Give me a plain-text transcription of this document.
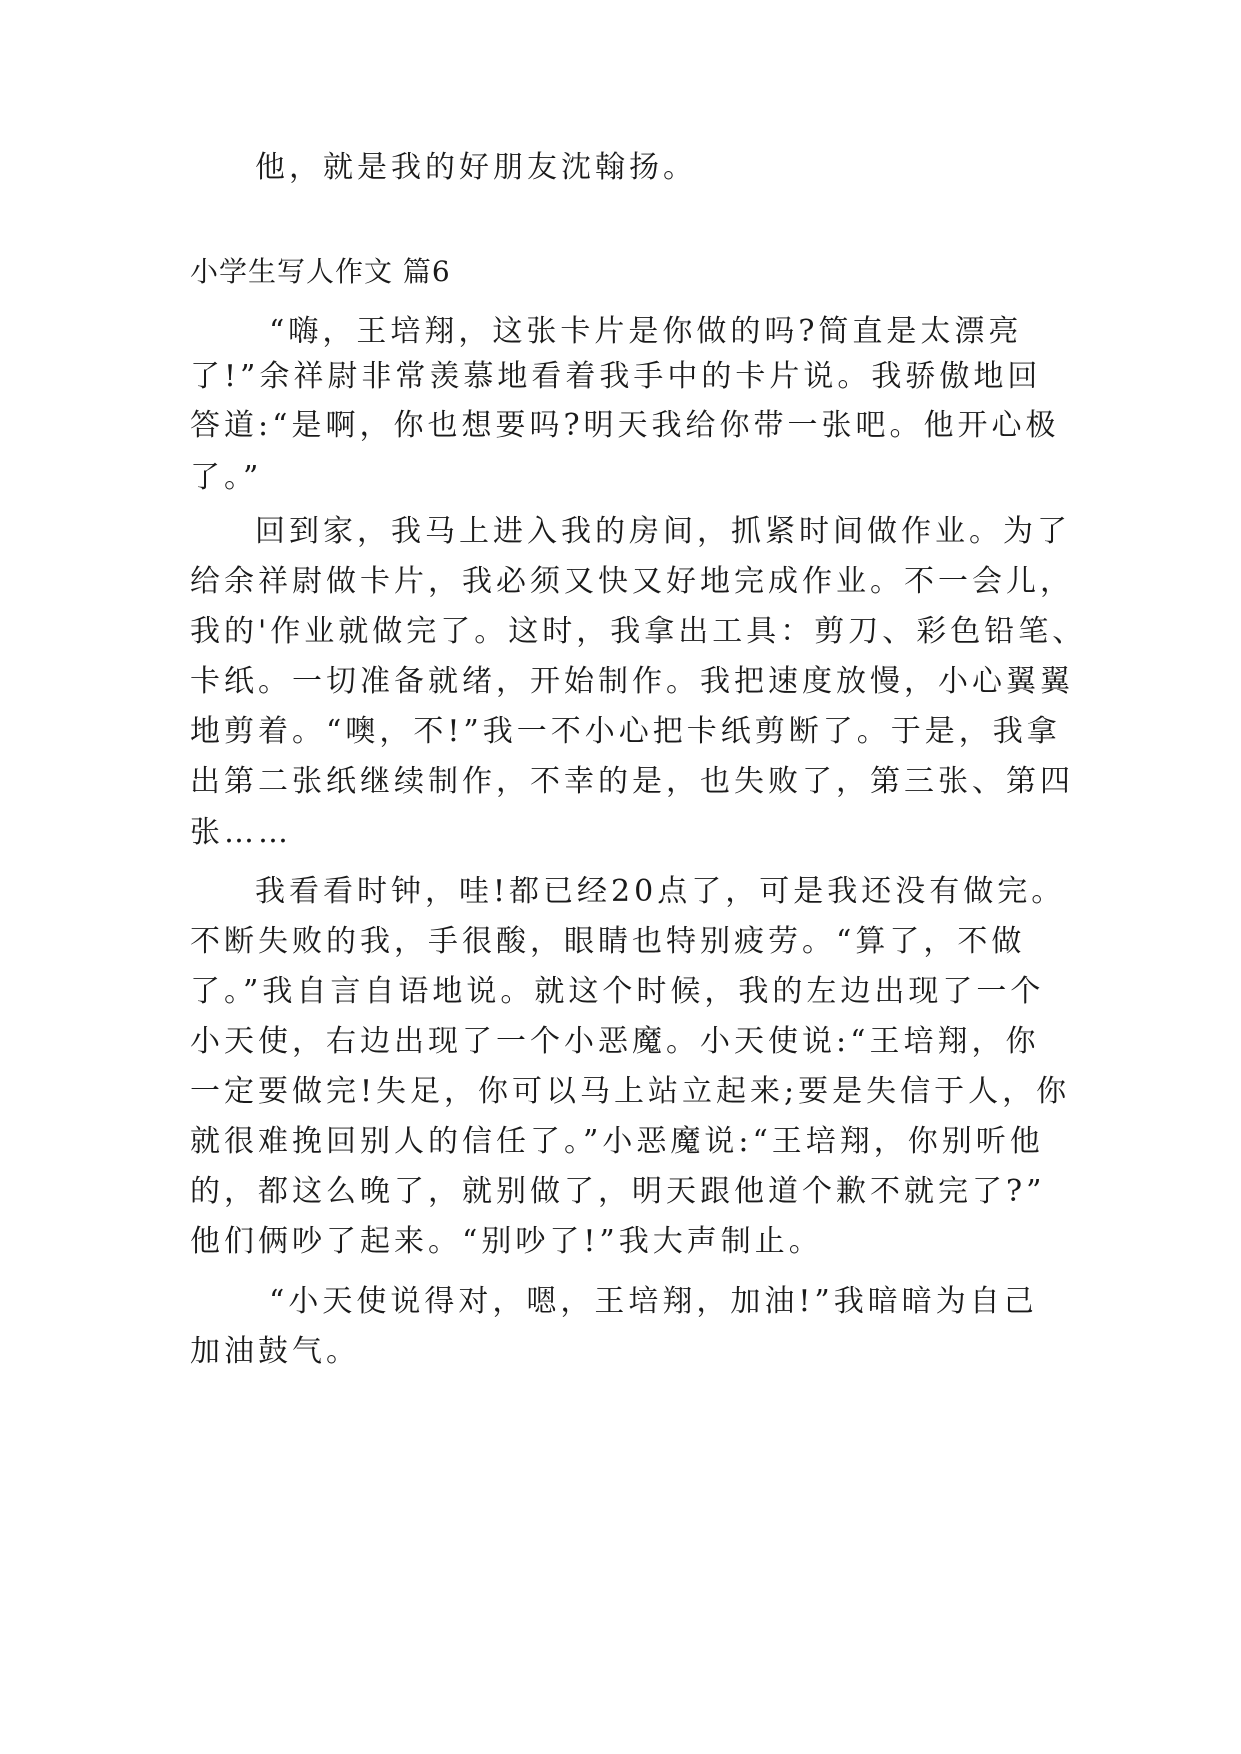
他，就是我的好朋友沈翰扬。
小学生写人作文 篇6
　“嗨，王培翔，这张卡片是你做的吗?简直是太漂亮
了!”余祥尉非常羡慕地看着我手中的卡片说。我骄傲地回
答道:“是啊，你也想要吗?明天我给你带一张吧。他开心极
了。”
回到家，我马上进入我的房间，抓紧时间做作业。为了
给余祥尉做卡片，我必须又快又好地完成作业。不一会儿，
我的'作业就做完了。这时，我拿出工具：剪刀、彩色铅笔、
卡纸。一切准备就绪，开始制作。我把速度放慢，小心翼翼
地剪着。“噢，不!”我一不小心把卡纸剪断了。于是，我拿
出第二张纸继续制作，不幸的是，也失败了，第三张、第四
张……
我看看时钟，哇!都已经20点了，可是我还没有做完。
不断失败的我，手很酸，眼睛也特别疲劳。“算了，不做
了。”我自言自语地说。就这个时候，我的左边出现了一个
小天使，右边出现了一个小恶魔。小天使说:“王培翔，你
一定要做完!失足，你可以马上站立起来;要是失信于人，你
就很难挽回别人的信任了。”小恶魔说:“王培翔，你别听他
的，都这么晚了，就别做了，明天跟他道个歉不就完了?”
他们俩吵了起来。“别吵了!”我大声制止。
　“小天使说得对，嗯，王培翔，加油!”我暗暗为自己
加油鼓气。
